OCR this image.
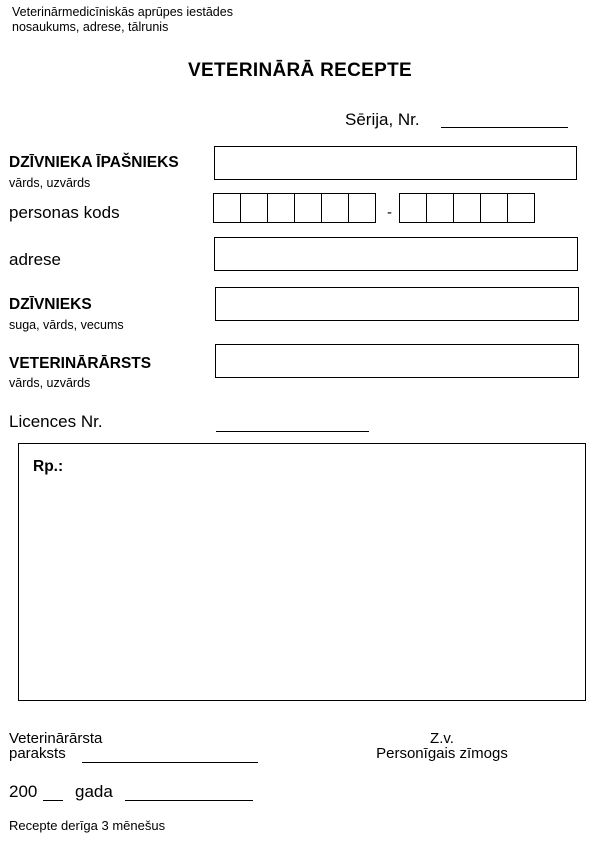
Veterinārmedicīniskās aprūpes iestādes
nosaukums, adrese, tālrunis
VETERINĀRĀ RECEPTE
Sērija, Nr.
DZĪVNIEKA ĪPAŠNIEKS
vārds, uzvārds
personas kods	-
adrese
DZĪVNIEKS
suga, vārds, vecums
VETERINĀRĀRSTS
vārds, uzvārds
Licences Nr.
Rp.:
Veterinārārsta
paraksts
Z.v.
Personīgais zīmogs
200 gada
Recepte derīga 3 mēnešus
